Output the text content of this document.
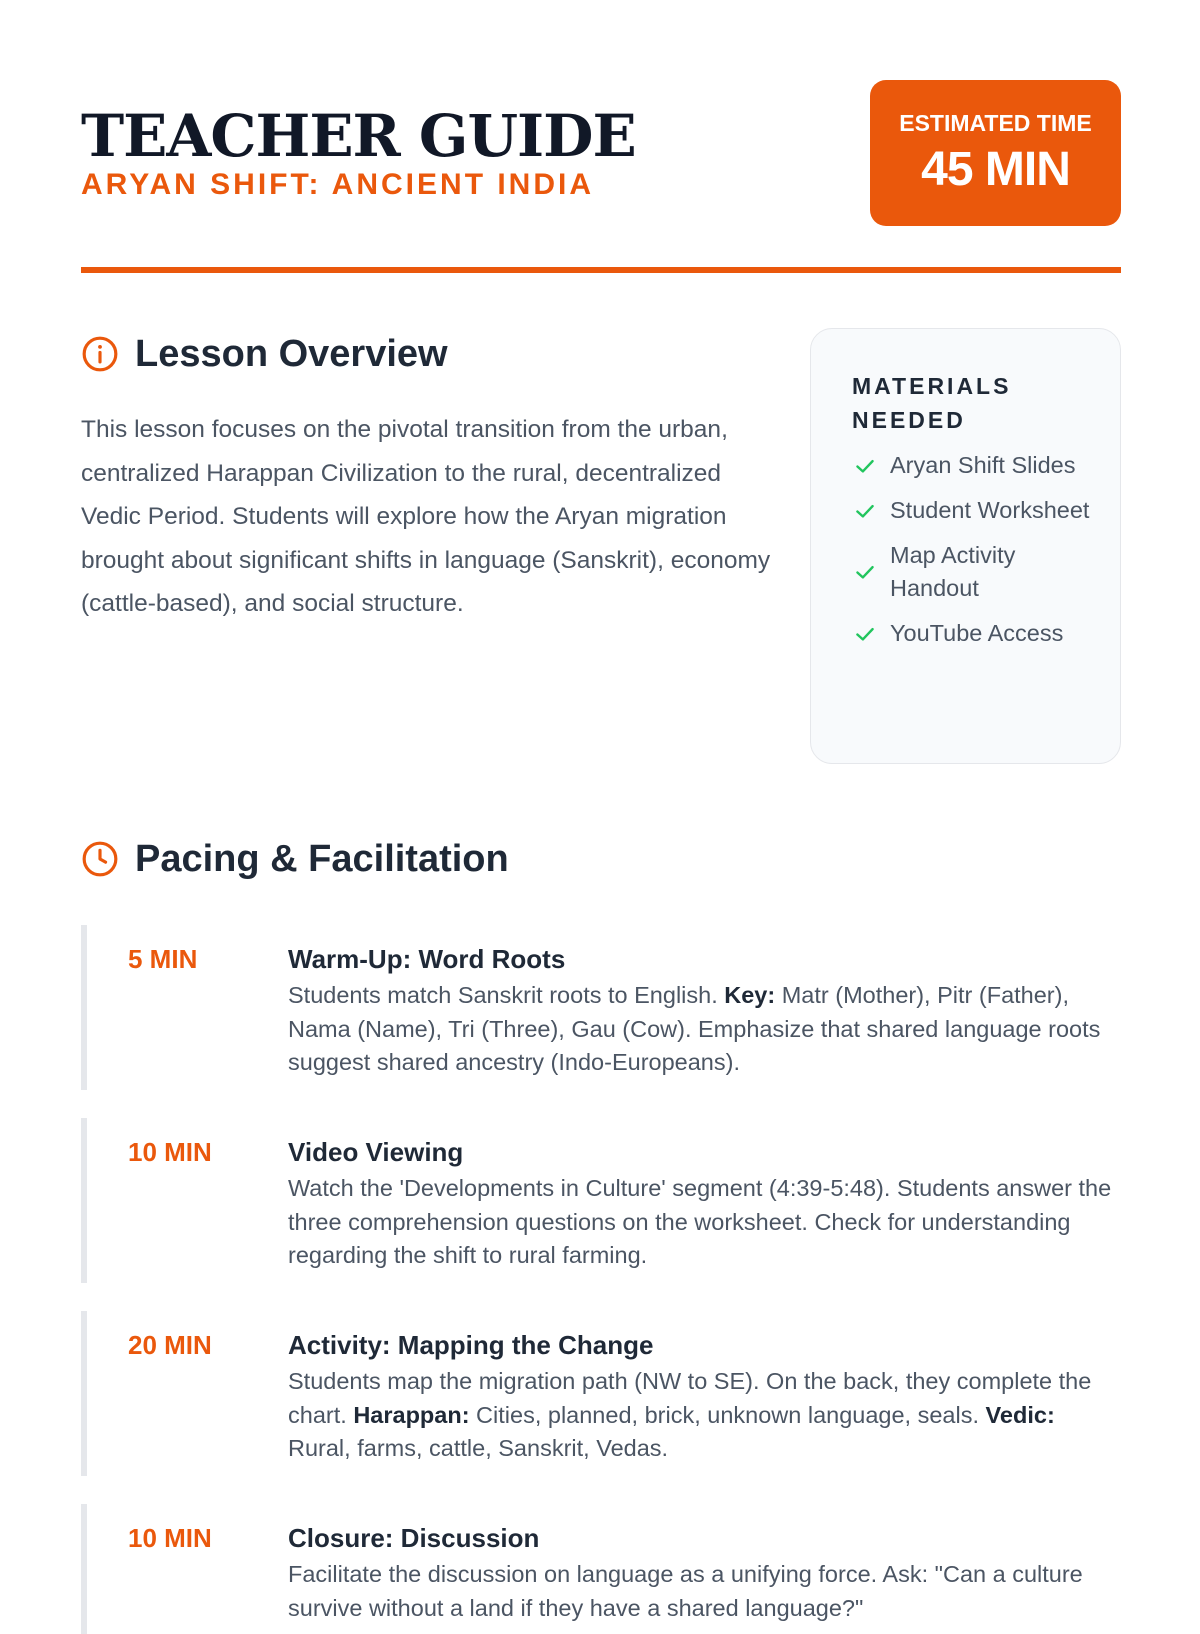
TEACHER GUIDE
ARYAN SHIFT: ANCIENT INDIA
ESTIMATED TIME
45 MIN
Lesson Overview

This lesson focuses on the pivotal transition from the urban, centralized Harappan Civilization to the rural, decentralized Vedic Period. Students will explore how the Aryan migration brought about significant shifts in language (Sanskrit), economy (cattle-based), and social structure.

MATERIALS NEEDED
Aryan Shift Slides
Student Worksheet
Map Activity Handout
YouTube Access
Pacing & Facilitation
5 MIN	Warm-Up: Word Roots

Students match Sanskrit roots to English. Key: Matr (Mother), Pitr (Father), Nama (Name), Tri (Three), Gau (Cow). Emphasize that shared language roots suggest shared ancestry (Indo-Europeans).

10 MIN	Video Viewing

Watch the 'Developments in Culture' segment (4:39-5:48). Students answer the three comprehension questions on the worksheet. Check for understanding regarding the shift to rural farming.

20 MIN	Activity: Mapping the Change

Students map the migration path (NW to SE). On the back, they complete the chart. Harappan: Cities, planned, brick, unknown language, seals. Vedic: Rural, farms, cattle, Sanskrit, Vedas.

10 MIN	Closure: Discussion

Facilitate the discussion on language as a unifying force. Ask: "Can a culture survive without a land if they have a shared language?"
